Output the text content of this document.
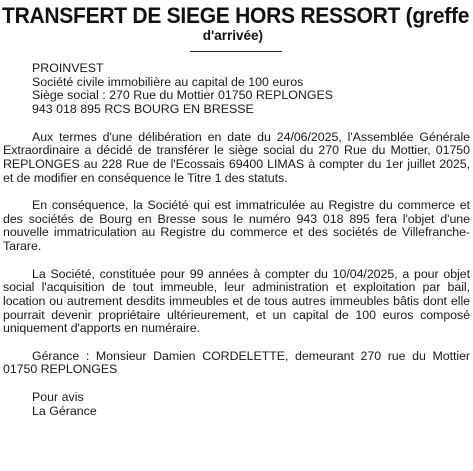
TRANSFERT DE SIEGE HORS RESSORT (greffe
d'arrivée)
PROINVEST
Société civile immobilière au capital de 100 euros
Siège social : 270 Rue du Mottier 01750 REPLONGES
943 018 895 RCS BOURG EN BRESSE

Aux termes d'une délibération en date du 24/06/2025, l'Assemblée Générale Extraordinaire a décidé de transférer le siège social du 270 Rue du Mottier, 01750 REPLONGES au 228 Rue de l'Ecossais 69400 LIMAS à compter du 1er juillet 2025, et de modifier en conséquence le Titre 1 des statuts.

En conséquence, la Société qui est immatriculée au Registre du commerce et des sociétés de Bourg en Bresse sous le numéro 943 018 895 fera l'objet d'une nouvelle immatriculation au Registre du commerce et des sociétés de Villefranche-Tarare.

La Société, constituée pour 99 années à compter du 10/04/2025, a pour objet social l'acquisition de tout immeuble, leur administration et exploitation par bail, location ou autrement desdits immeubles et de tous autres immeubles bâtis dont elle pourrait devenir propriétaire ultérieurement, et un capital de 100 euros composé uniquement d'apports en numéraire.

Gérance : Monsieur Damien CORDELETTE, demeurant 270 rue du Mottier 01750 REPLONGES

Pour avis
La Gérance
